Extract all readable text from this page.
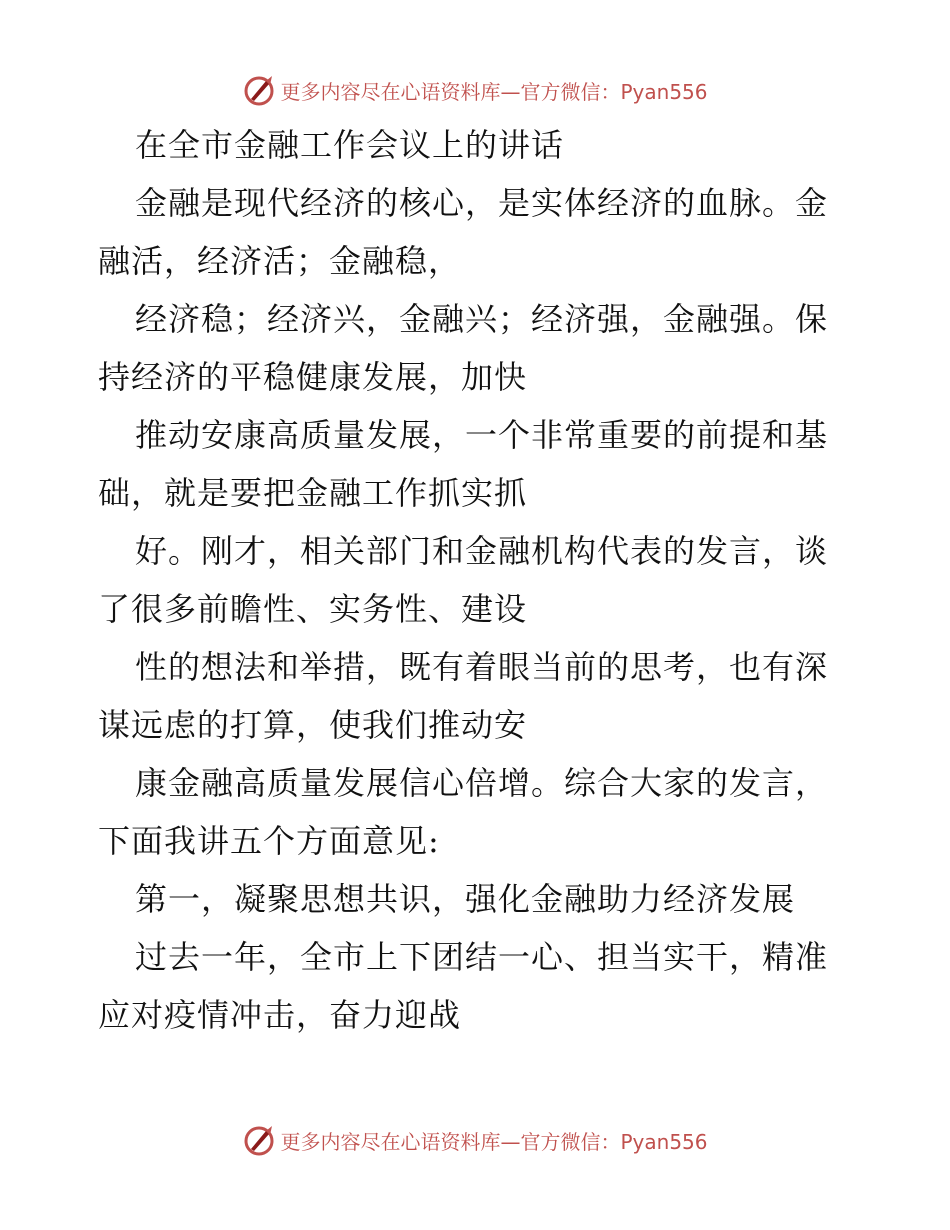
更多内容尽在心语资料库—官方微信：Pyan556
在全市金融工作会议上的讲话
金融是现代经济的核心，是实体经济的血脉。金
融活，经济活；金融稳，
经济稳；经济兴，金融兴；经济强，金融强。保
持经济的平稳健康发展，加快
推动安康高质量发展，一个非常重要的前提和基
础，就是要把金融工作抓实抓
好。刚才，相关部门和金融机构代表的发言，谈
了很多前瞻性、实务性、建设
性的想法和举措，既有着眼当前的思考，也有深
谋远虑的打算，使我们推动安
康金融高质量发展信心倍增。综合大家的发言，
下面我讲五个方面意见:
第一，凝聚思想共识，强化金融助力经济发展
过去一年，全市上下团结一心、担当实干，精准
应对疫情冲击，奋力迎战
更多内容尽在心语资料库—官方微信：Pyan556
